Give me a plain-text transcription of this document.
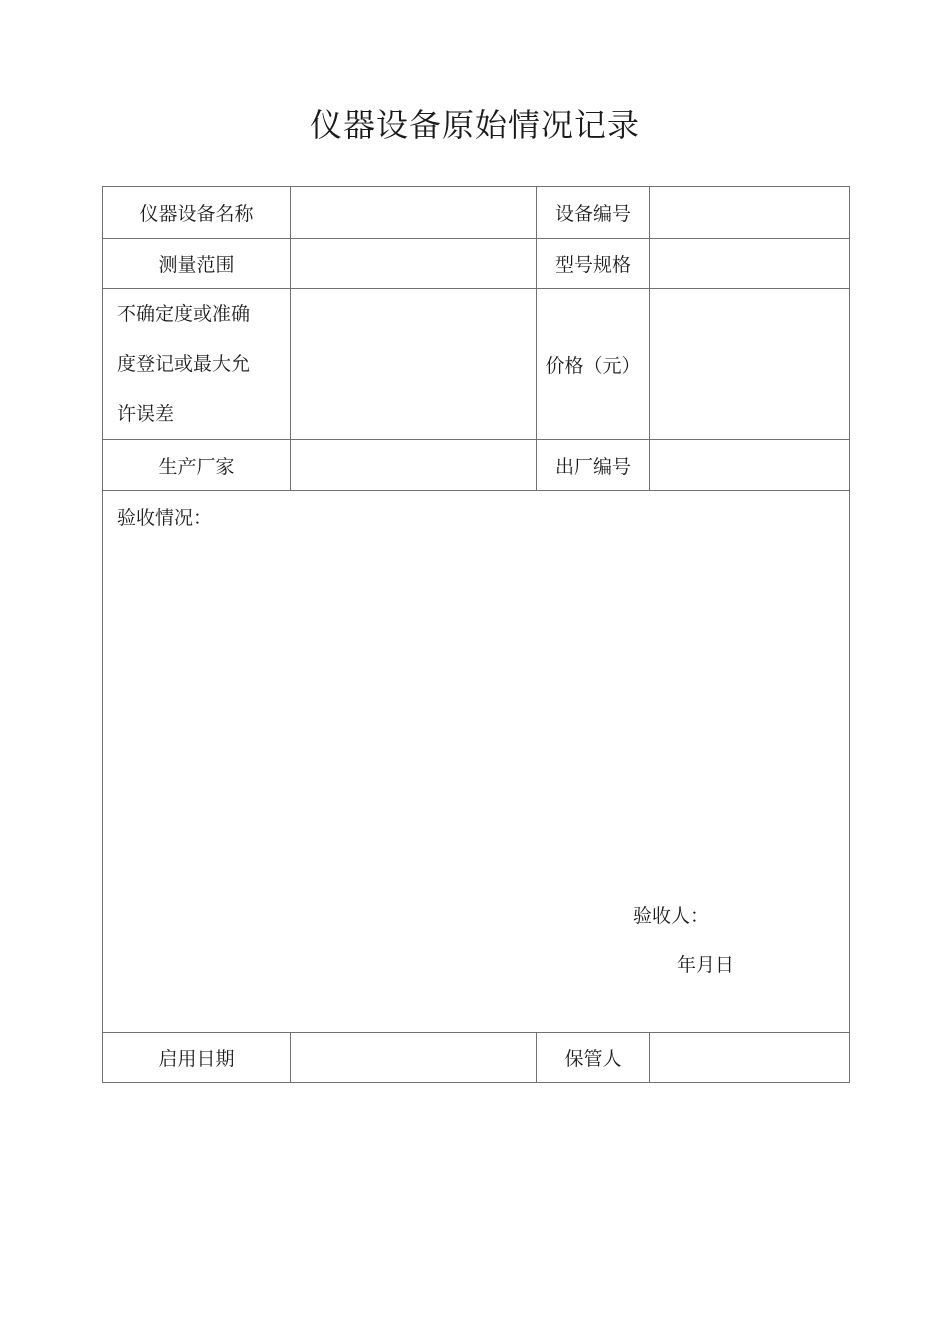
仪器设备原始情况记录
仪器设备名称		设备编号	
测量范围		型号规格	

不确定度或准确
度登记或最大允
许误差		价格（元）	
生产厂家		出厂编号	

验收情况：
验收人：
年月日			

启用日期		保管人	
